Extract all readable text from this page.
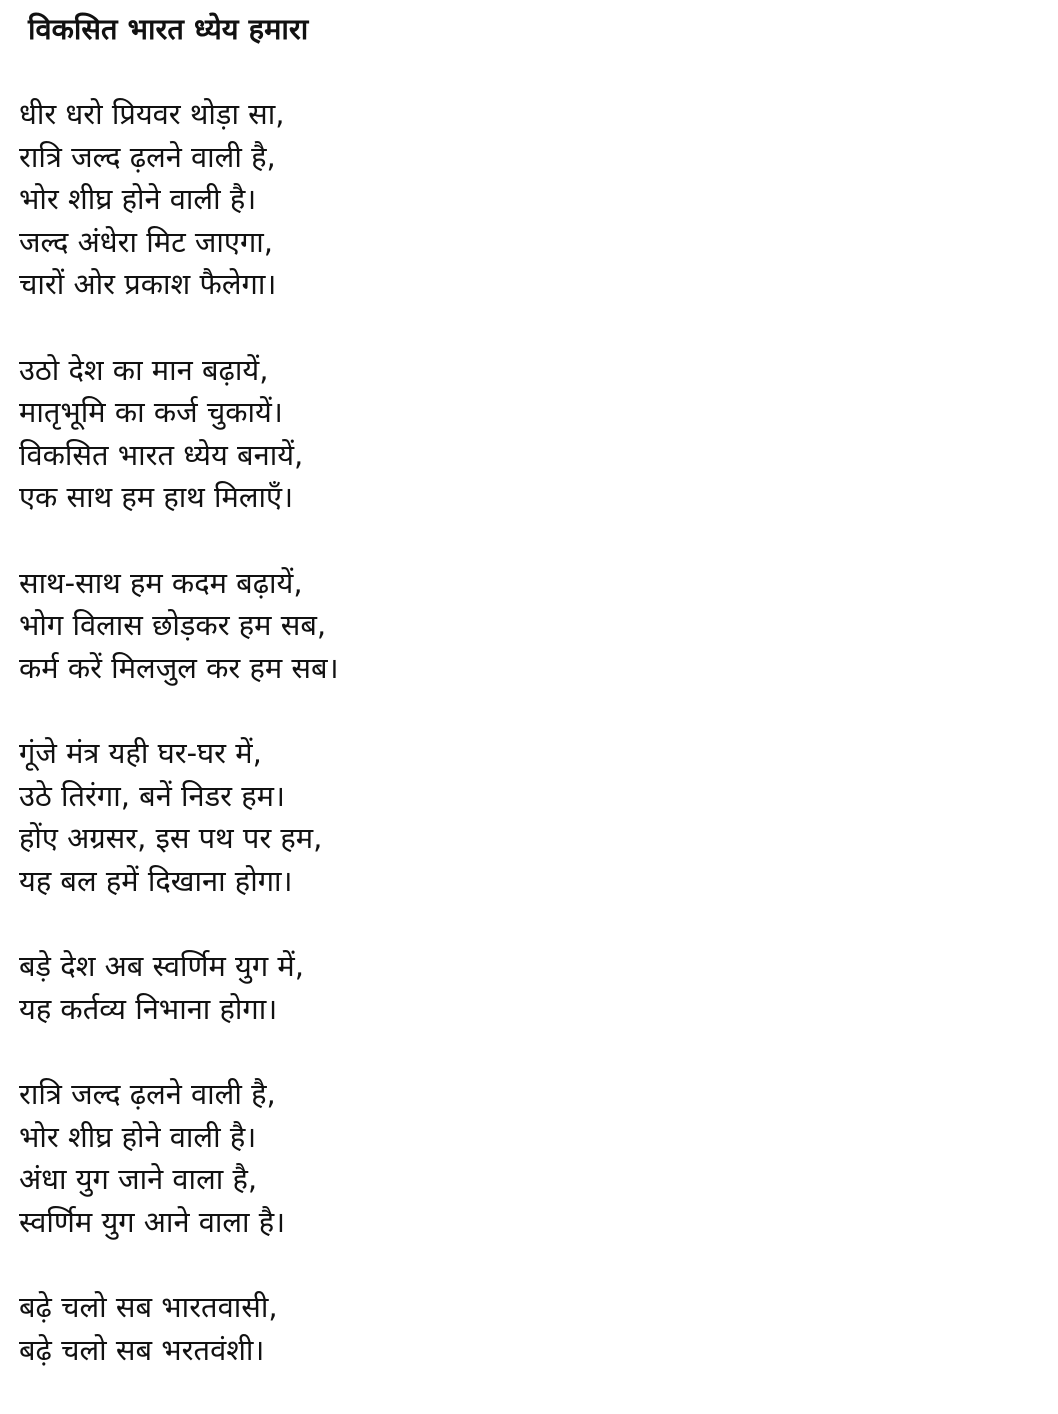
विकसित भारत ध्येय हमारा
धीर धरो प्रियवर थोड़ा सा,
रात्रि जल्द ढ़लने वाली है,
भोर शीघ्र होने वाली है।
जल्द अंधेरा मिट जाएगा,
चारों ओर प्रकाश फैलेगा।
उठो देश का मान बढ़ायें,
मातृभूमि का कर्ज चुकायें।
विकसित भारत ध्येय बनायें,
एक साथ हम हाथ मिलाएँ।
साथ-साथ हम कदम बढ़ायें,
भोग विलास छोड़कर हम सब,
कर्म करें मिलजुल कर हम सब।
गूंजे मंत्र यही घर-घर में,
उठे तिरंगा, बनें निडर हम।
होंए अग्रसर, इस पथ पर हम,
यह बल हमें दिखाना होगा।
बड़े देश अब स्वर्णिम युग में,
यह कर्तव्य निभाना होगा।
रात्रि जल्द ढ़लने वाली है,
भोर शीघ्र होने वाली है।
अंधा युग जाने वाला है,
स्वर्णिम युग आने वाला है।
बढ़े चलो सब भारतवासी,
बढ़े चलो सब भरतवंशी।
